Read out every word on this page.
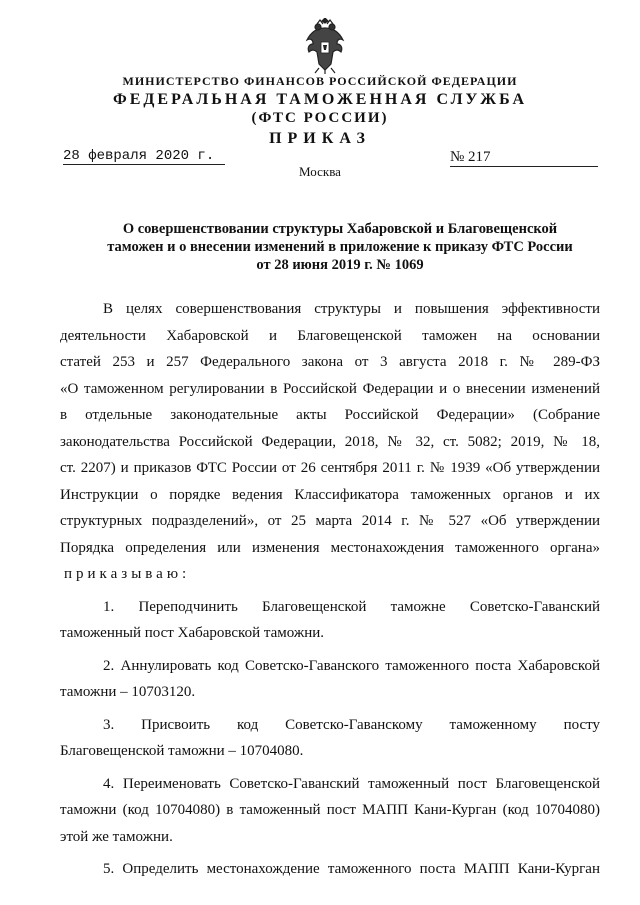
МИНИСТЕРСТВО ФИНАНСОВ РОССИЙСКОЙ ФЕДЕРАЦИИ
ФЕДЕРАЛЬНАЯ ТАМОЖЕННАЯ СЛУЖБА
(ФТС РОССИИ)
ПРИКАЗ
28 февраля 2020 г.	№ 217
Москва
О совершенствовании структуры Хабаровской и Благовещенской
таможен и о внесении изменений в приложение к приказу ФТС России
от 28 июня 2019 г. № 1069
В целях совершенствования структуры и повышения эффективности
деятельности Хабаровской и Благовещенской таможен на основании
статей 253 и 257 Федерального закона от 3 августа 2018 г. № 289-ФЗ
«О таможенном регулировании в Российской Федерации и о внесении изменений
в отдельные законодательные акты Российской Федерации» (Собрание
законодательства Российской Федерации, 2018, № 32, ст. 5082; 2019, № 18,
ст. 2207) и приказов ФТС России от 26 сентября 2011 г. № 1939 «Об утверждении
Инструкции о порядке ведения Классификатора таможенных органов и их
структурных подразделений», от 25 марта 2014 г. № 527 «Об утверждении
Порядка определения или изменения местонахождения таможенного органа»
приказываю:
1. Переподчинить Благовещенской таможне Советско-Гаванский
таможенный пост Хабаровской таможни.
2. Аннулировать код Советско-Гаванского таможенного поста Хабаровской
таможни – 10703120.
3. Присвоить код Советско-Гаванскому таможенному посту
Благовещенской таможни – 10704080.
4. Переименовать Советско-Гаванский таможенный пост Благовещенской
таможни (код 10704080) в таможенный пост МАПП Кани-Курган (код 10704080)
этой же таможни.
5. Определить местонахождение таможенного поста МАПП Кани-Курган
